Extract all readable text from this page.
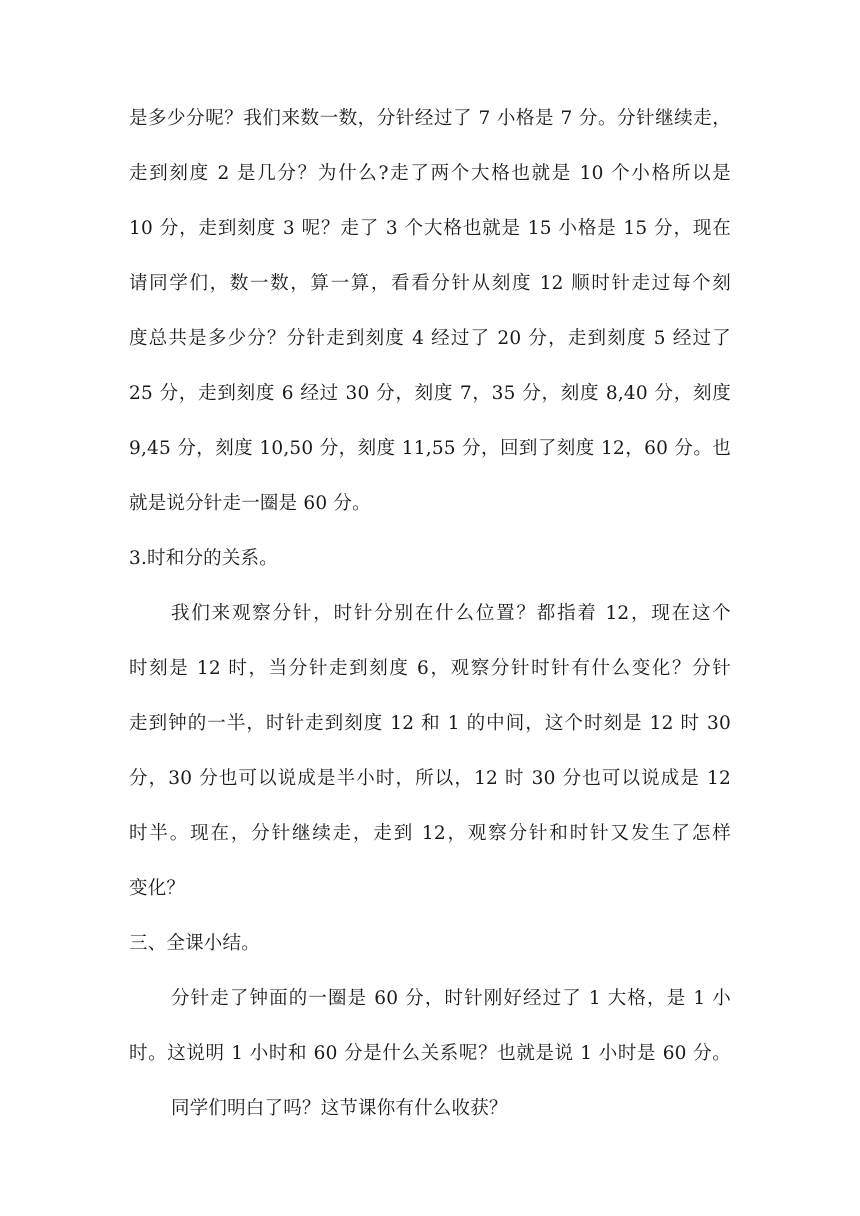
是多少分呢？我们来数一数，分针经过了 7 小格是 7 分。分针继续走，
走到刻度 2 是几分？为什么?走了两个大格也就是 10 个小格所以是
10 分，走到刻度 3 呢？走了 3 个大格也就是 15 小格是 15 分，现在
请同学们，数一数，算一算，看看分针从刻度 12 顺时针走过每个刻
度总共是多少分？分针走到刻度 4 经过了 20 分，走到刻度 5 经过了
25 分，走到刻度 6 经过 30 分，刻度 7，35 分，刻度 8,40 分，刻度
9,45 分，刻度 10,50 分，刻度 11,55 分，回到了刻度 12，60 分。也
就是说分针走一圈是 60 分。
3.时和分的关系。
我们来观察分针，时针分别在什么位置？都指着 12，现在这个
时刻是 12 时，当分针走到刻度 6，观察分针时针有什么变化？分针
走到钟的一半，时针走到刻度 12 和 1 的中间，这个时刻是 12 时 30
分，30 分也可以说成是半小时，所以，12 时 30 分也可以说成是 12
时半。现在，分针继续走，走到 12，观察分针和时针又发生了怎样
变化？
三、全课小结。
分针走了钟面的一圈是 60 分，时针刚好经过了 1 大格，是 1 小
时。这说明 1 小时和 60 分是什么关系呢？也就是说 1 小时是 60 分。
同学们明白了吗？这节课你有什么收获？
